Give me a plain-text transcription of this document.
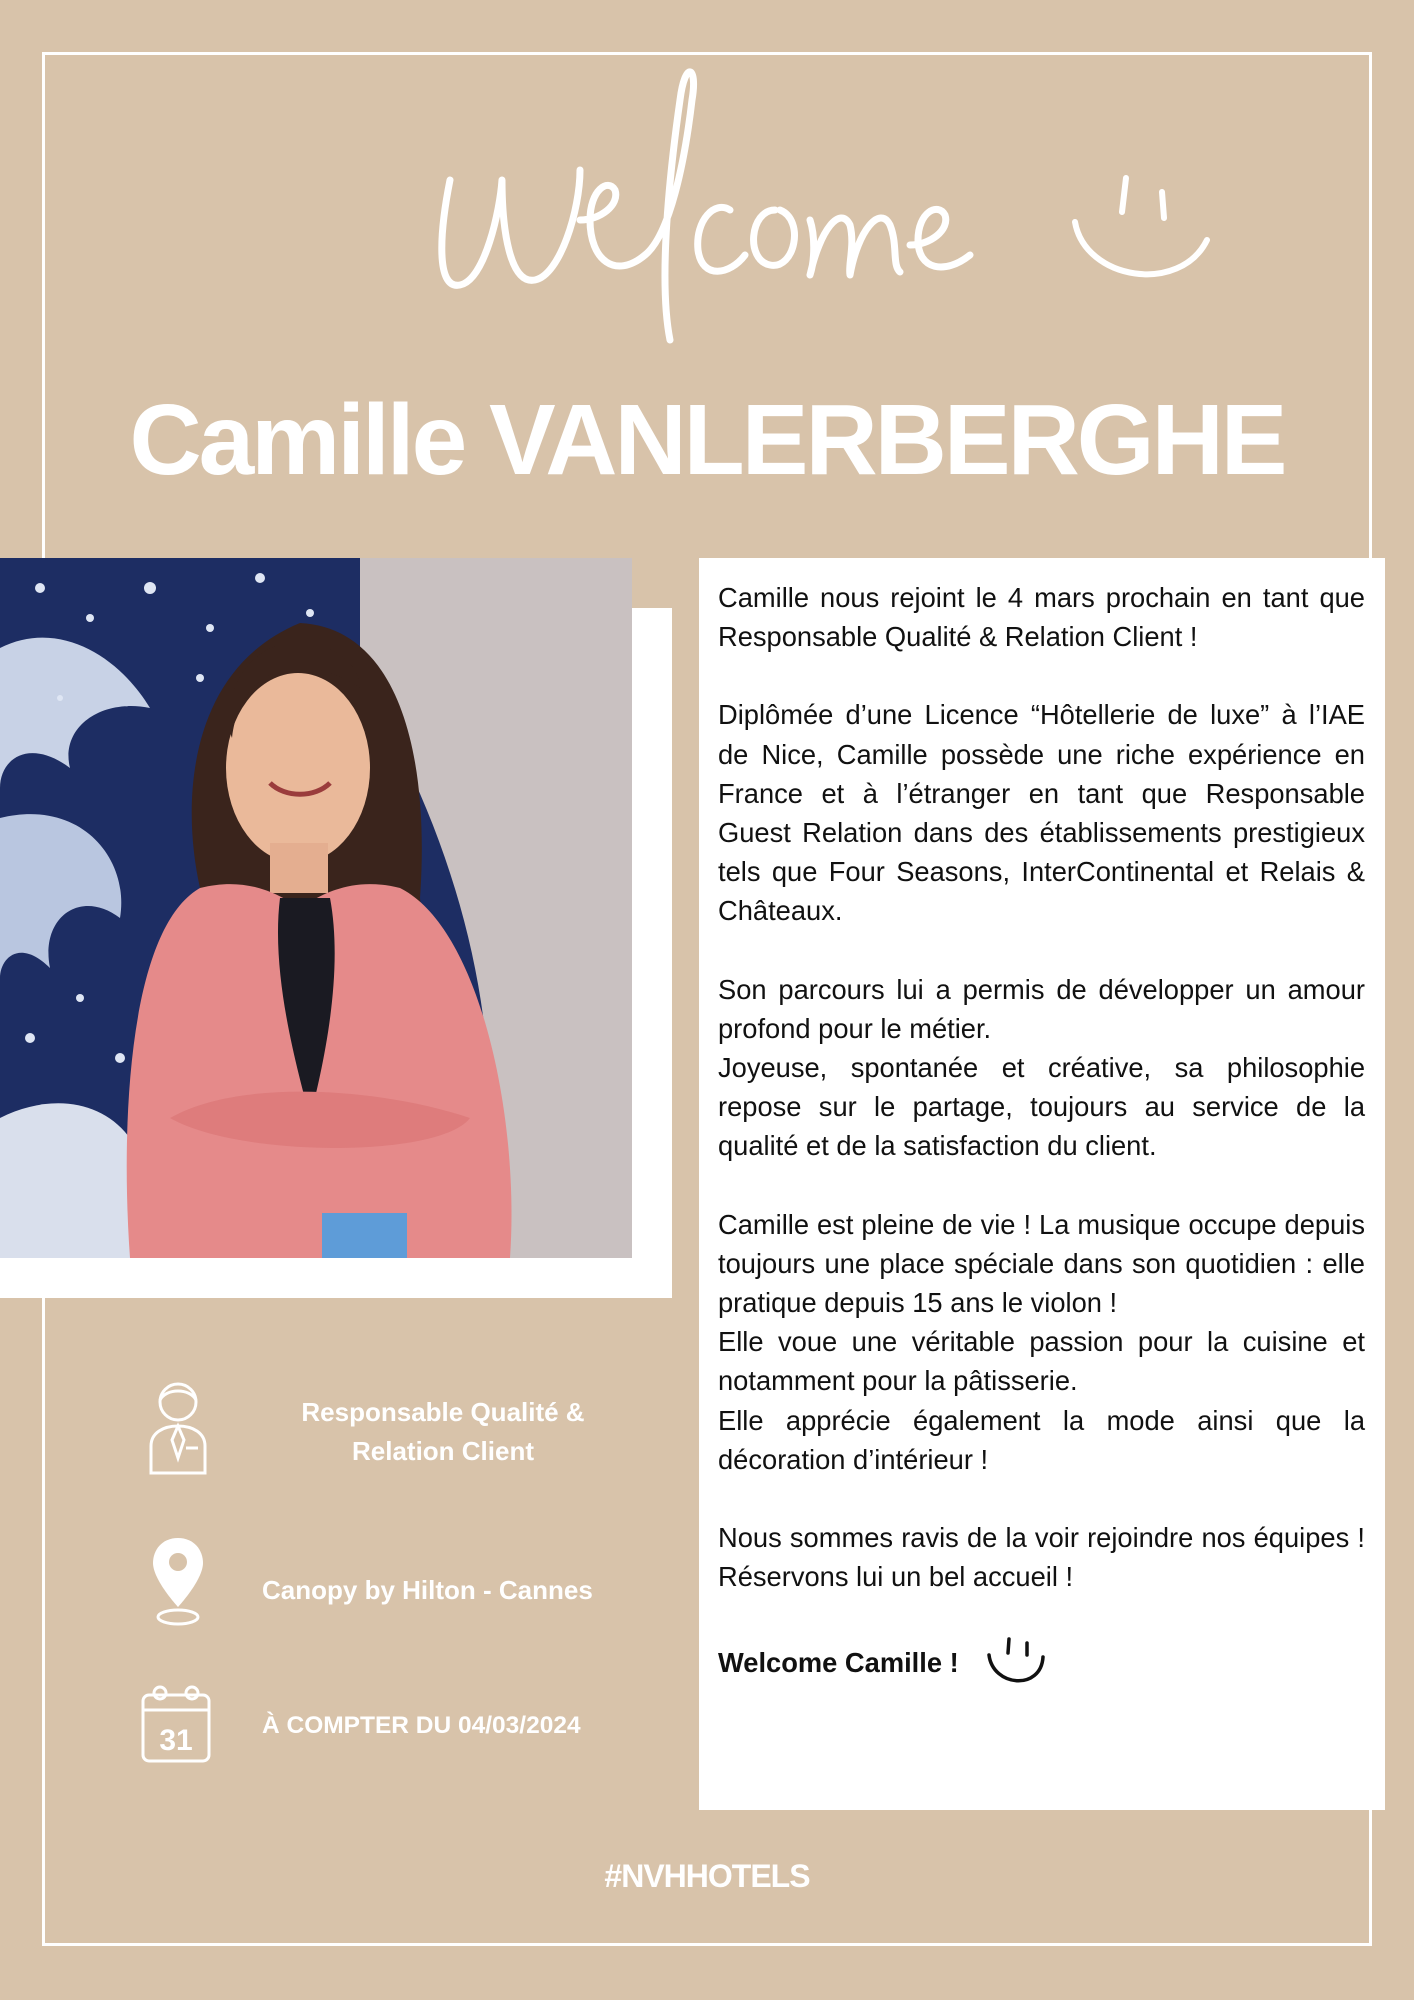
Camille VANLERBERGHE
Responsable Qualité & Relation Client
Canopy by Hilton - Cannes
31	À COMPTER DU 04/03/2024

Camille nous rejoint le 4 mars prochain en tant que Responsable Qualité & Relation Client !

Diplômée d’une Licence “Hôtellerie de luxe” à l’IAE de Nice, Camille possède une riche expérience en France et à l’étranger en tant que Responsable Guest Relation dans des établissements prestigieux tels que Four Seasons, InterContinental et Relais & Châteaux.

Son parcours lui a permis de développer un amour profond pour le métier.

Joyeuse, spontanée et créative, sa philosophie repose sur le partage, toujours au service de la qualité et de la satisfaction du client.

Camille est pleine de vie ! La musique occupe depuis toujours une place spéciale dans son quotidien : elle pratique depuis 15 ans le violon !

Elle voue une véritable passion pour la cuisine et notamment pour la pâtisserie.

Elle apprécie également la mode ainsi que la décoration d’intérieur !

Nous sommes ravis de la voir rejoindre nos équipes ! Réservons lui un bel accueil !

Welcome Camille !
#NVHHOTELS
